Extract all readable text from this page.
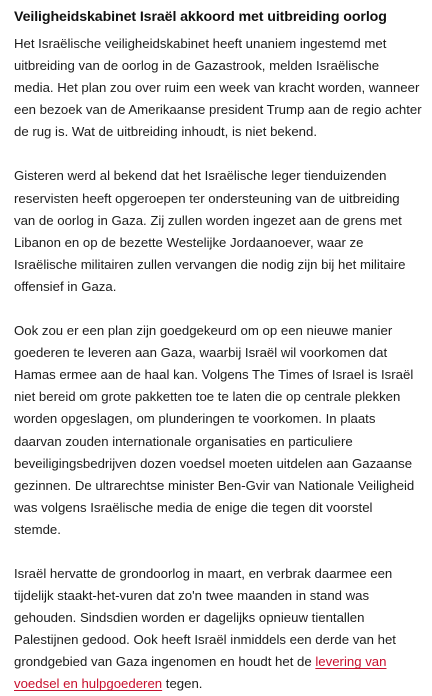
Veiligheidskabinet Israël akkoord met uitbreiding oorlog

Het Israëlische veiligheidskabinet heeft unaniem ingestemd met uitbreiding van de oorlog in de Gazastrook, melden Israëlische media. Het plan zou over ruim een week van kracht worden, wanneer een bezoek van de Amerikaanse president Trump aan de regio achter de rug is. Wat de uitbreiding inhoudt, is niet bekend.

Gisteren werd al bekend dat het Israëlische leger tienduizenden reservisten heeft opgeroepen ter ondersteuning van de uitbreiding van de oorlog in Gaza. Zij zullen worden ingezet aan de grens met Libanon en op de bezette Westelijke Jordaanoever, waar ze Israëlische militairen zullen vervangen die nodig zijn bij het militaire offensief in Gaza.

Ook zou er een plan zijn goedgekeurd om op een nieuwe manier goederen te leveren aan Gaza, waarbij Israël wil voorkomen dat Hamas ermee aan de haal kan. Volgens The Times of Israel is Israël niet bereid om grote pakketten toe te laten die op centrale plekken worden opgeslagen, om plunderingen te voorkomen. In plaats daarvan zouden internationale organisaties en particuliere beveiligingsbedrijven dozen voedsel moeten uitdelen aan Gazaanse gezinnen. De ultrarechtse minister Ben-Gvir van Nationale Veiligheid was volgens Israëlische media de enige die tegen dit voorstel stemde.

Israël hervatte de grondoorlog in maart, en verbrak daarmee een tijdelijk staakt-het-vuren dat zo'n twee maanden in stand was gehouden. Sindsdien worden er dagelijks opnieuw tientallen Palestijnen gedood. Ook heeft Israël inmiddels een derde van het grondgebied van Gaza ingenomen en houdt het de levering van voedsel en hulpgoederen tegen.
